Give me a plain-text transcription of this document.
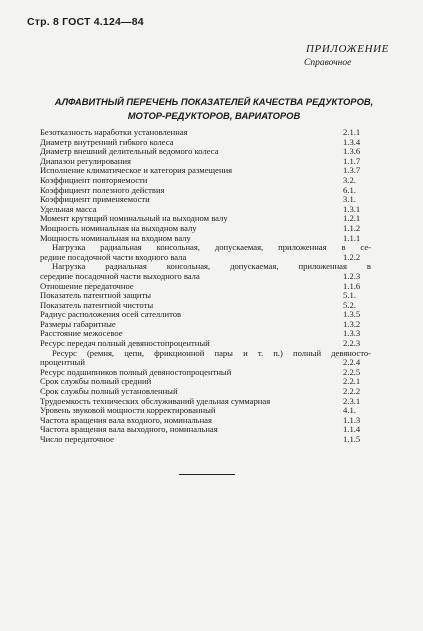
Стр. 8 ГОСТ 4.124—84
ПРИЛОЖЕНИЕ
Справочное
АЛФАВИТНЫЙ ПЕРЕЧЕНЬ ПОКАЗАТЕЛЕЙ КАЧЕСТВА РЕДУКТОРОВ,
МОТОР-РЕДУКТОРОВ, ВАРИАТОРОВ
Безотказность наработки установленная	2.1.1
Диаметр внутренний гибкого колеса	1.3.4
Диаметр внешний делительный ведомого колеса	1.3.6
Диапазон регулирования	1.1.7
Исполнение климатическое и категория размещения	1.3.7
Коэффициент повторяемости	3.2.
Коэффициент полезного действия	6.1.
Коэффициент применяемости	3.1.
Удельная масса	1.3.1
Момент крутящий номинальный на выходном валу	1.2.1
Мощность номинальная на выходном валу	1.1.2
Мощность номинальная на входном валу	1.1.1
Нагрузка радиальная консольная, допускаемая, приложенная в се-
редине посадочной части входного вала	1.2.2
Нагрузка радиальная консольная, допускаемая, приложенная в
середине посадочной части выходного вала	1.2.3
Отношение передаточное	1.1.6
Показатель патентной защиты	5.1.
Показатель патентной чистоты	5.2.
Радиус расположения осей сателлитов	1.3.5
Размеры габаритные	1.3.2
Расстояние межосевое	1.3.3
Ресурс передач полный девяностопроцентный	2.2.3
Ресурс (ремня, цепи, фрикционной пары и т. п.) полный девяносто-
процентный	2.2.4
Ресурс подшипников полный девяностопроцентный	2.2.5
Срок службы полный средний	2.2.1
Срок службы полный установленный	2.2.2
Трудоемкость технических обслуживаний удельная суммарная	2.3.1
Уровень звуковой мощности корректированный	4.1.
Частота вращения вала входного, номинальная	1.1.3
Частота вращения вала выходного, номинальная	1.1.4
Число передаточное	1.1.5
